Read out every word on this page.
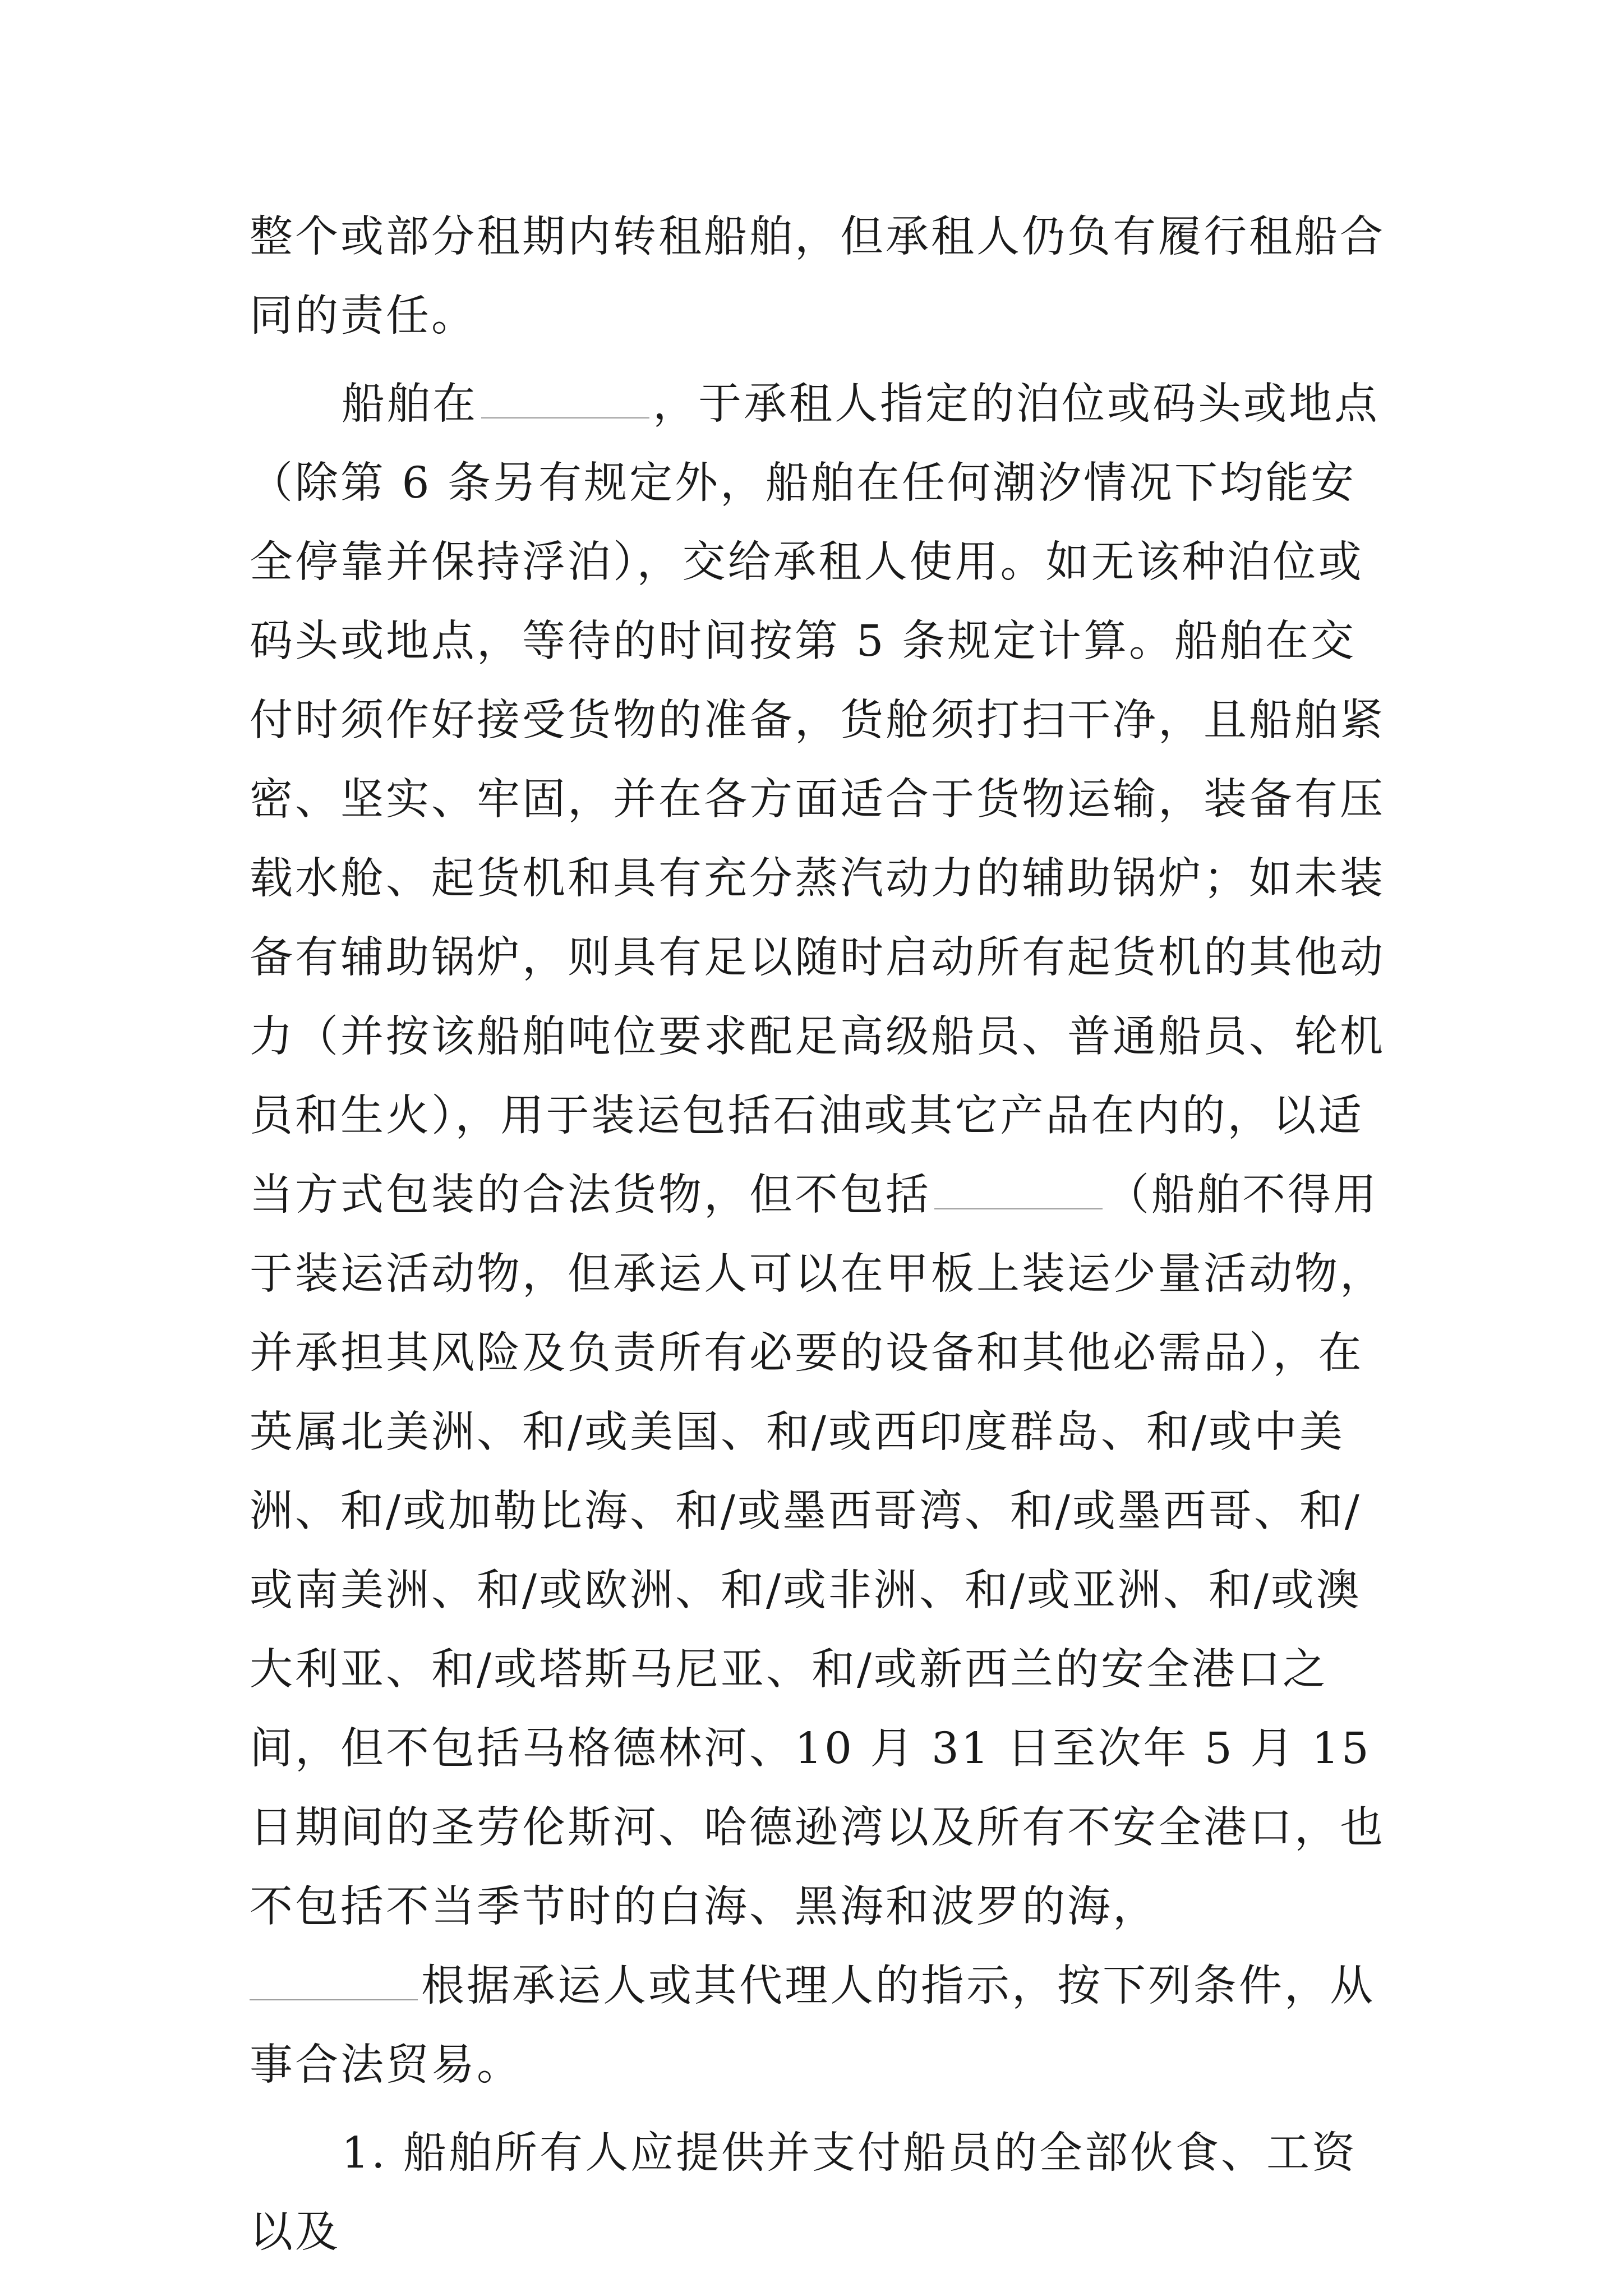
整个或部分租期内转租船舶，但承租人仍负有履行租船合同的责任。

船舶在	，于承租人指定的泊位或码头或地点（除第 6 条另有规定外，船舶在任何潮汐情况下均能安全停靠并保持浮泊），交给承租人使用。如无该种泊位或码头或地点，等待的时间按第 5 条规定计算。船舶在交付时须作好接受货物的准备，货舱须打扫干净，且船舶紧密、坚实、牢固，并在各方面适合于货物运输，装备有压载水舱、起货机和具有充分蒸汽动力的辅助锅炉；如未装备有辅助锅炉，则具有足以随时启动所有起货机的其他动力（并按该船舶吨位要求配足高级船员、普通船员、轮机员和生火），用于装运包括石油或其它产品在内的，以适当方式包装的合法货物，但不包括	（船舶不得用于装运活动物，但承运人可以在甲板上装运少量活动物，并承担其风险及负责所有必要的设备和其他必需品），在英属北美洲、和/或美国、和/或西印度群岛、和/或中美洲、和/或加勒比海、和/或墨西哥湾、和/或墨西哥、和/或南美洲、和/或欧洲、和/或非洲、和/或亚洲、和/或澳大利亚、和/或塔斯马尼亚、和/或新西兰的安全港口之间，但不包括马格德林河、10 月 31 日至次年 5 月 15 日期间的圣劳伦斯河、哈德逊湾以及所有不安全港口，也不包括不当季节时的白海、黑海和波罗的海，
根据承运人或其代理人的指示，按下列条件，从事合法贸易。

1. 船舶所有人应提供并支付船员的全部伙食、工资以及
